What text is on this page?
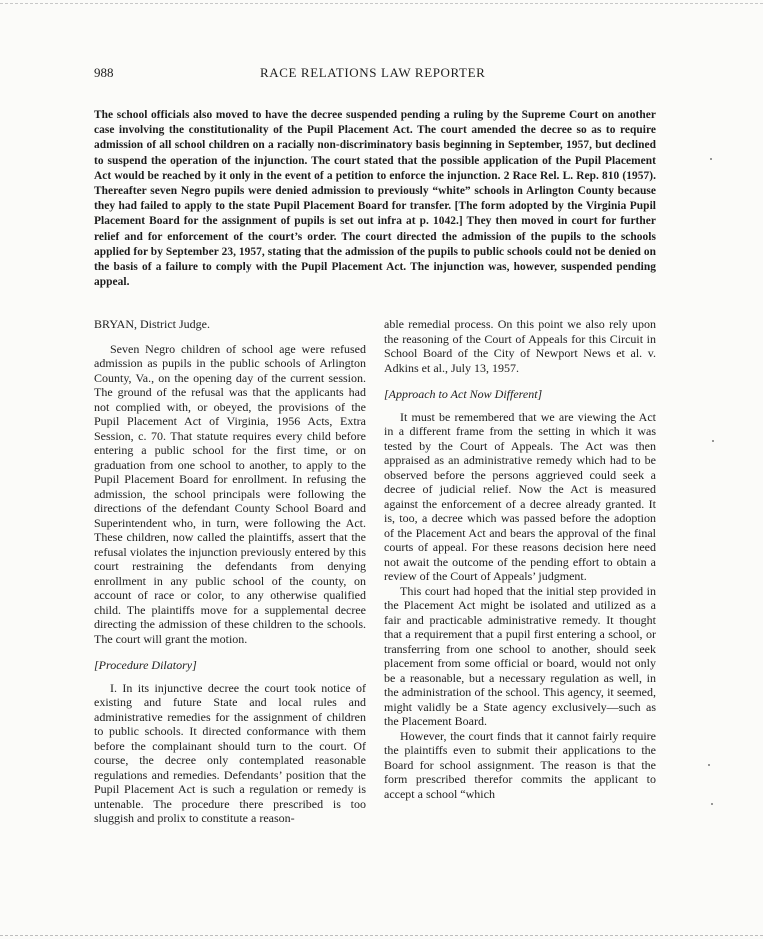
988	RACE RELATIONS LAW REPORTER
The school officials also moved to have the decree suspended pending a ruling by the Supreme Court on another case involving the constitutionality of the Pupil Placement Act. The court amended the decree so as to require admission of all school children on a racially non-discriminatory basis beginning in September, 1957, but declined to suspend the operation of the injunction. The court stated that the possible application of the Pupil Placement Act would be reached by it only in the event of a petition to enforce the injunction. 2 Race Rel. L. Rep. 810 (1957). Thereafter seven Negro pupils were denied admission to previously “white” schools in Arlington County because they had failed to apply to the state Pupil Placement Board for transfer. [The form adopted by the Virginia Pupil Placement Board for the assignment of pupils is set out infra at p. 1042.] They then moved in court for further relief and for enforcement of the court’s order. The court directed the admission of the pupils to the schools applied for by September 23, 1957, stating that the admission of the pupils to public schools could not be denied on the basis of a failure to comply with the Pupil Placement Act. The injunction was, however, suspended pending appeal.

BRYAN, District Judge.

Seven Negro children of school age were refused admission as pupils in the public schools of Arlington County, Va., on the opening day of the current session. The ground of the refusal was that the applicants had not complied with, or obeyed, the provisions of the Pupil Placement Act of Virginia, 1956 Acts, Extra Session, c. 70. That statute requires every child before entering a public school for the first time, or on graduation from one school to another, to apply to the Pupil Placement Board for enrollment. In refusing the admission, the school principals were following the directions of the defendant County School Board and Superintendent who, in turn, were following the Act. These children, now called the plaintiffs, assert that the refusal violates the injunction previously entered by this court restraining the defendants from denying enrollment in any public school of the county, on account of race or color, to any otherwise qualified child. The plaintiffs move for a supplemental decree directing the admission of these children to the schools. The court will grant the motion.

[Procedure Dilatory]

I. In its injunctive decree the court took notice of existing and future State and local rules and administrative remedies for the assignment of children to public schools. It directed conformance with them before the complainant should turn to the court. Of course, the decree only contemplated reasonable regulations and remedies. Defendants’ position that the Pupil Placement Act is such a regulation or remedy is untenable. The procedure there prescribed is too sluggish and prolix to constitute a reason-

able remedial process. On this point we also rely upon the reasoning of the Court of Appeals for this Circuit in School Board of the City of Newport News et al. v. Adkins et al., July 13, 1957.

[Approach to Act Now Different]

It must be remembered that we are viewing the Act in a different frame from the setting in which it was tested by the Court of Appeals. The Act was then appraised as an administrative remedy which had to be observed before the persons aggrieved could seek a decree of judicial relief. Now the Act is measured against the enforcement of a decree already granted. It is, too, a decree which was passed before the adoption of the Placement Act and bears the approval of the final courts of appeal. For these reasons decision here need not await the outcome of the pending effort to obtain a review of the Court of Appeals’ judgment.

This court had hoped that the initial step provided in the Placement Act might be isolated and utilized as a fair and practicable administrative remedy. It thought that a requirement that a pupil first entering a school, or transferring from one school to another, should seek placement from some official or board, would not only be a reasonable, but a necessary regulation as well, in the administration of the school. This agency, it seemed, might validly be a State agency exclusively—such as the Placement Board.

However, the court finds that it cannot fairly require the plaintiffs even to submit their applications to the Board for school assignment. The reason is that the form prescribed therefor commits the applicant to accept a school “which
